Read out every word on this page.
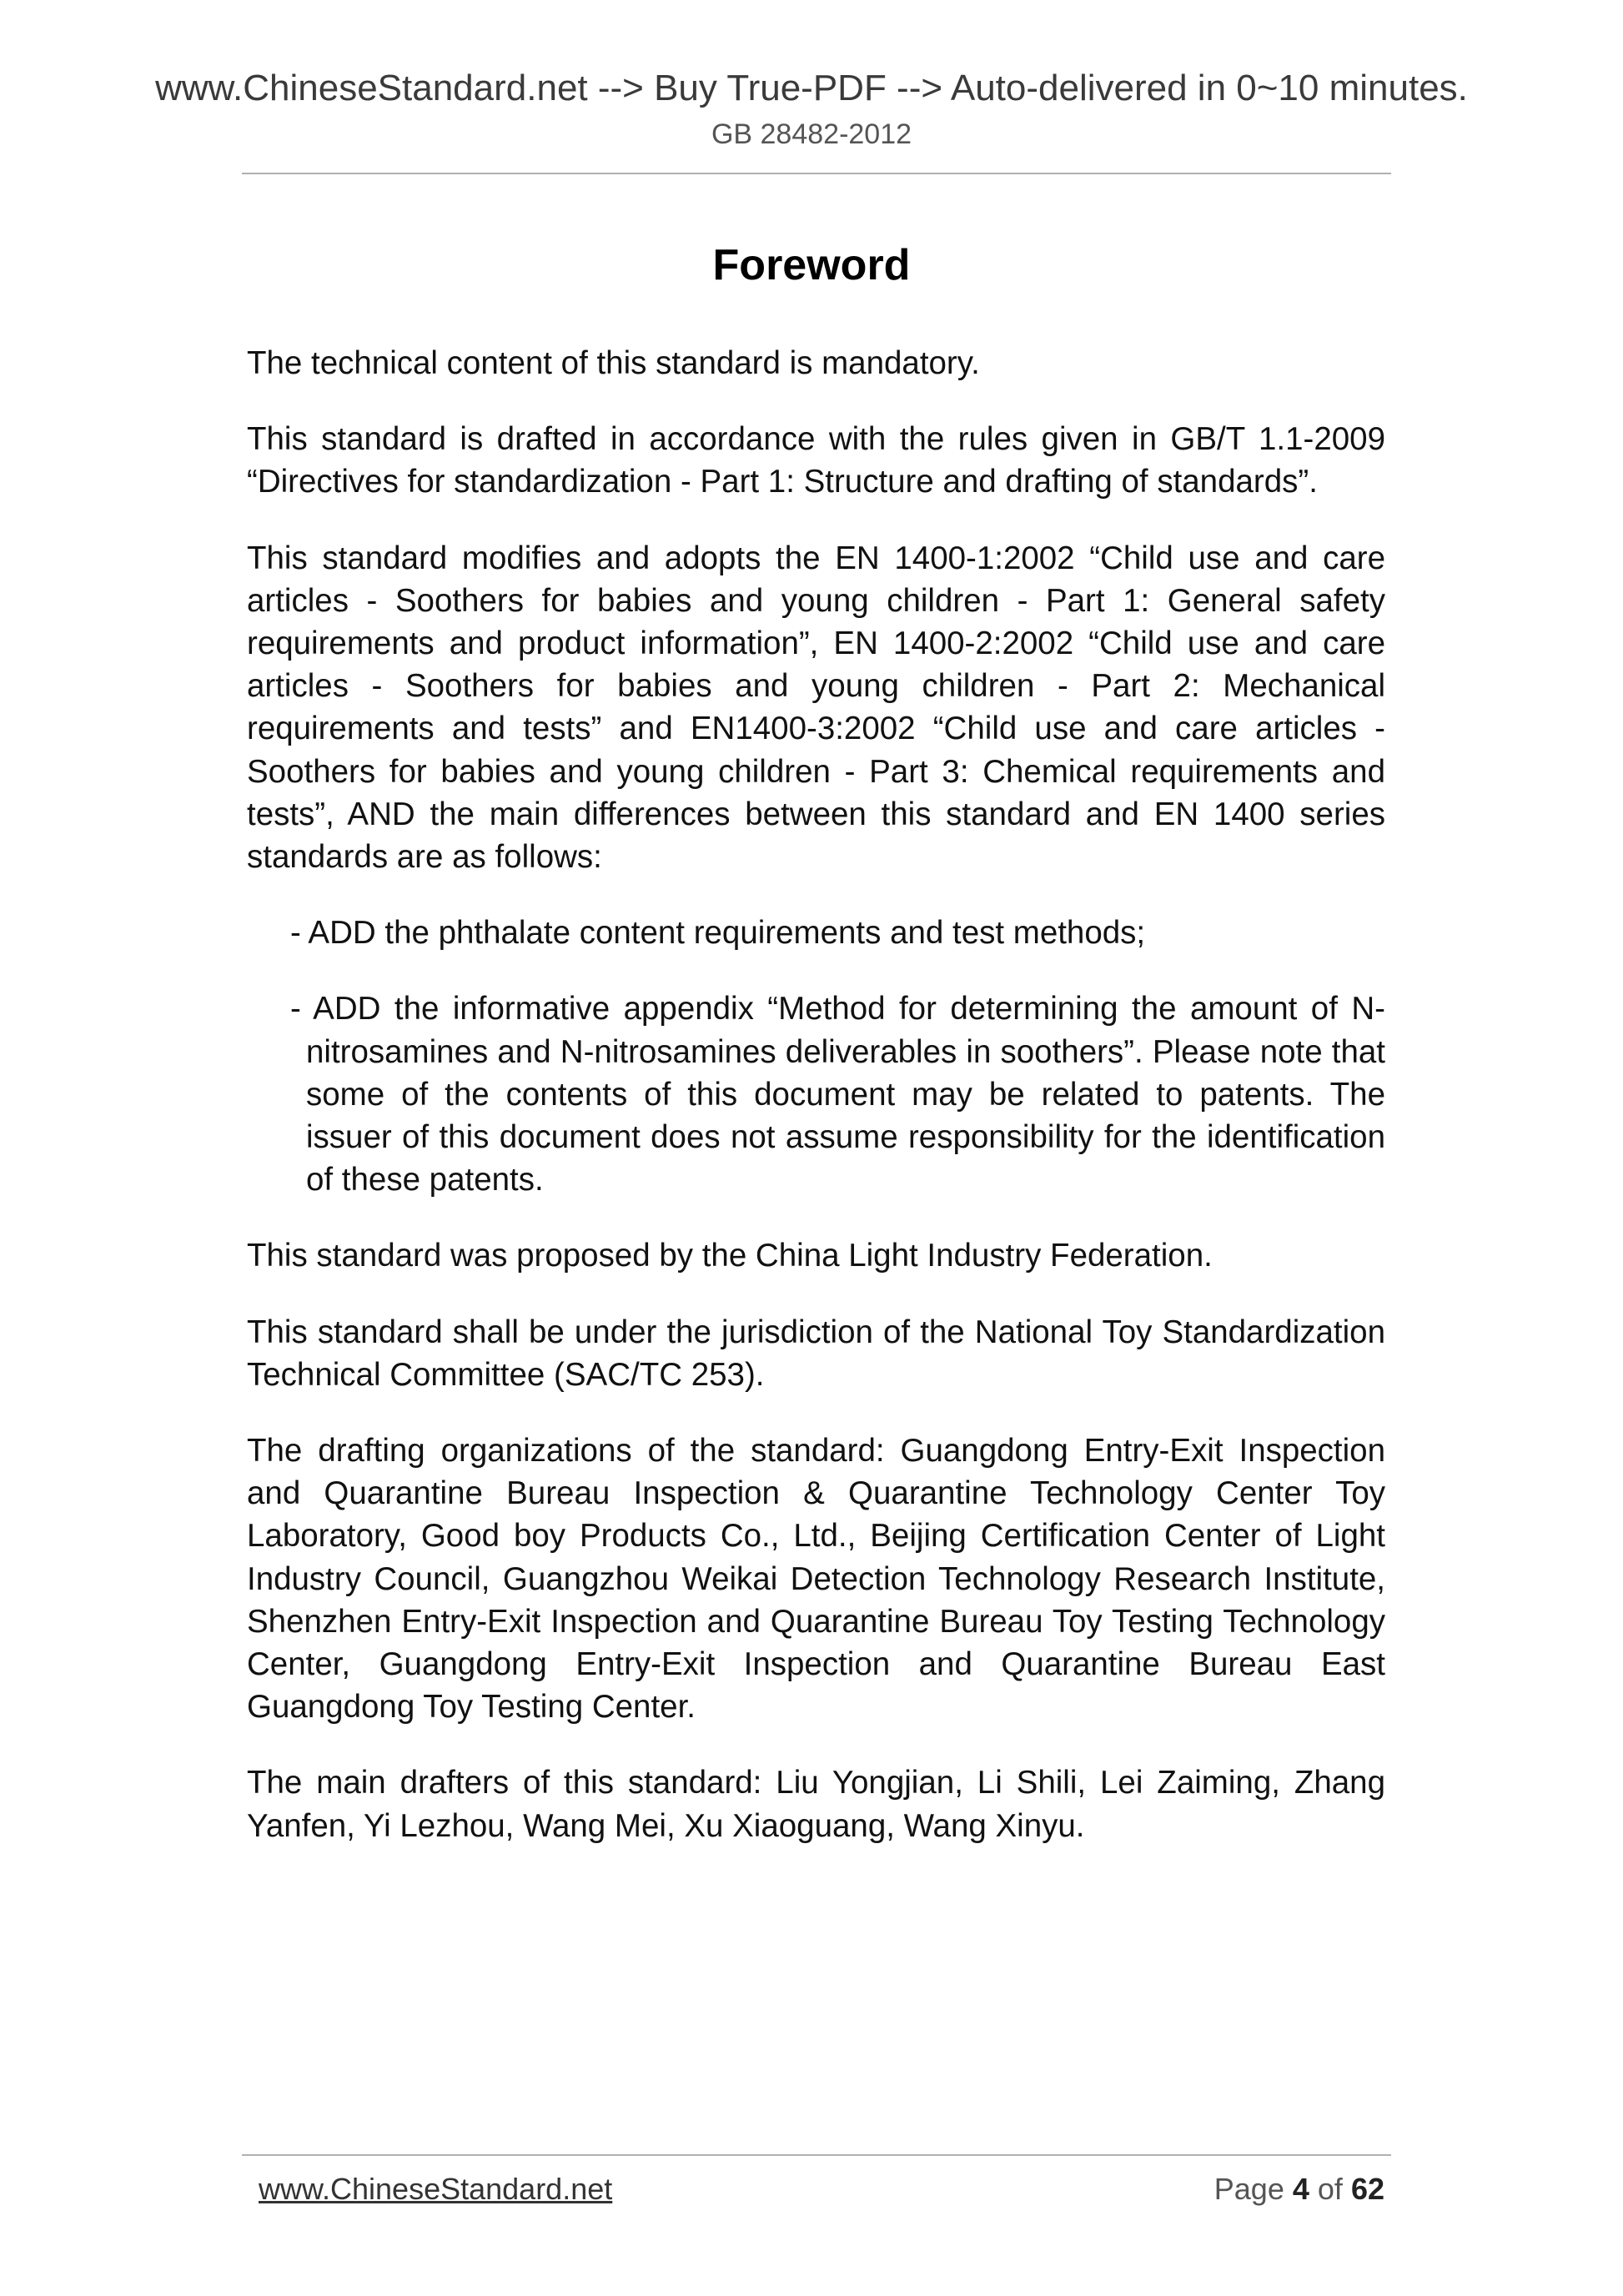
www.ChineseStandard.net --> Buy True-PDF --> Auto-delivered in 0~10 minutes.
GB 28482-2012
Foreword

The technical content of this standard is mandatory.

This standard is drafted in accordance with the rules given in GB/T 1.1-2009 “Directives for standardization - Part 1: Structure and drafting of standards”.

This standard modifies and adopts the EN 1400-1:2002 “Child use and care articles - Soothers for babies and young children - Part 1: General safety requirements and product information”, EN 1400-2:2002 “Child use and care articles - Soothers for babies and young children - Part 2: Mechanical requirements and tests” and EN1400-3:2002 “Child use and care articles - Soothers for babies and young children - Part 3: Chemical requirements and tests”, AND the main differences between this standard and EN 1400 series standards are as follows:

- ADD the phthalate content requirements and test methods;
- ADD the informative appendix “Method for determining the amount of N-nitrosamines and N-nitrosamines deliverables in soothers”. Please note that some of the contents of this document may be related to patents. The issuer of this document does not assume responsibility for the identification of these patents.

This standard was proposed by the China Light Industry Federation.

This standard shall be under the jurisdiction of the National Toy Standardization Technical Committee (SAC/TC 253).

The drafting organizations of the standard: Guangdong Entry-Exit Inspection and Quarantine Bureau Inspection & Quarantine Technology Center Toy Laboratory, Good boy Products Co., Ltd., Beijing Certification Center of Light Industry Council, Guangzhou Weikai Detection Technology Research Institute, Shenzhen Entry-Exit Inspection and Quarantine Bureau Toy Testing Technology Center, Guangdong Entry-Exit Inspection and Quarantine Bureau East Guangdong Toy Testing Center.

The main drafters of this standard: Liu Yongjian, Li Shili, Lei Zaiming, Zhang Yanfen, Yi Lezhou, Wang Mei, Xu Xiaoguang, Wang Xinyu.

www.ChineseStandard.net	Page 4 of 62
